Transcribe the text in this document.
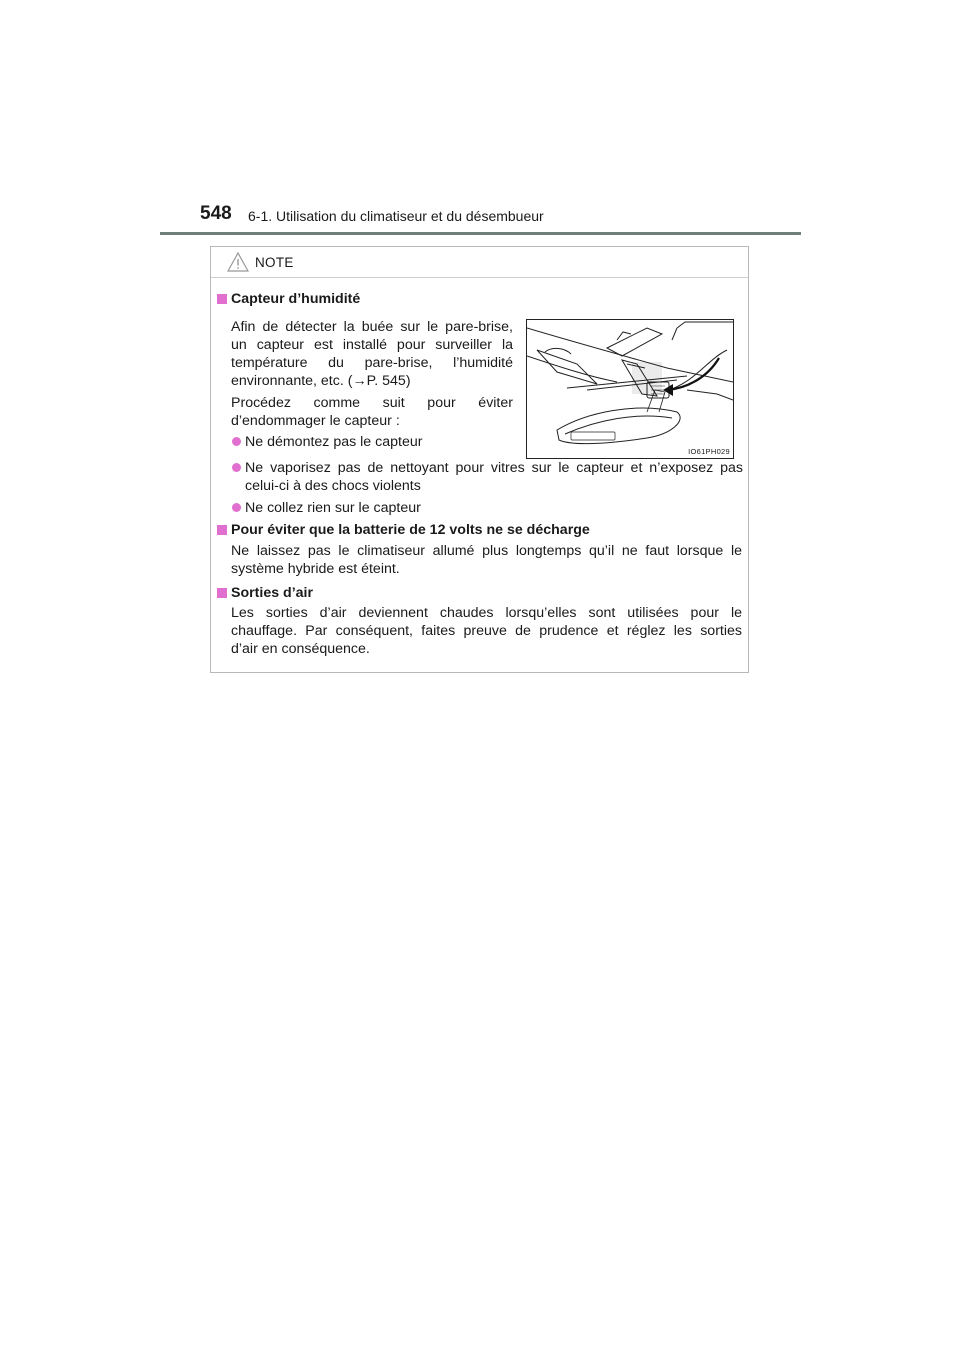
548 6-1. Utilisation du climatiseur et du désembueur
NOTE
Capteur d’humidité
Afin de détecter la buée sur le pare-brise,
un capteur est installé pour surveiller la
température du pare-brise, l’humidité
environnante, etc. (→P. 545)
Procédez comme suit pour éviter
d’endommager le capteur :
Ne démontez pas le capteur
Ne vaporisez pas de nettoyant pour vitres sur le capteur et n’exposez pas
celui-ci à des chocs violents
Ne collez rien sur le capteur
IO61PH029
Pour éviter que la batterie de 12 volts ne se décharge
Ne laissez pas le climatiseur allumé plus longtemps qu’il ne faut lorsque le
système hybride est éteint.
Sorties d’air
Les sorties d’air deviennent chaudes lorsqu’elles sont utilisées pour le
chauffage. Par conséquent, faites preuve de prudence et réglez les sorties
d’air en conséquence.
